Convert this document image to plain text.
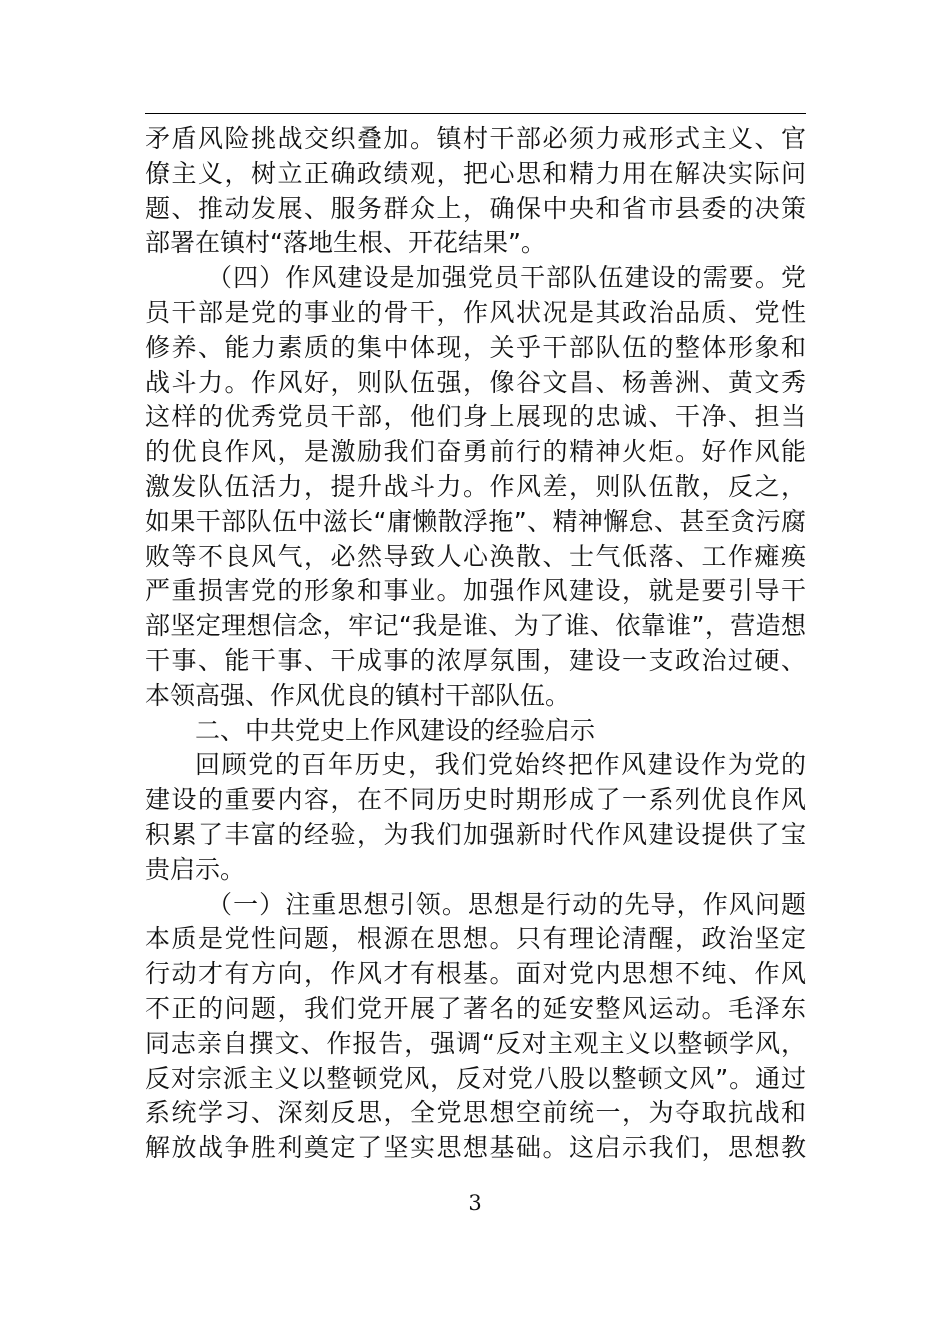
矛盾风险挑战交织叠加。镇村干部必须力戒形式主义、官
僚主义，树立正确政绩观，把心思和精力用在解决实际问
题、推动发展、服务群众上，确保中央和省市县委的决策
部署在镇村“落地生根、开花结果”。
（四）作风建设是加强党员干部队伍建设的需要。党
员干部是党的事业的骨干，作风状况是其政治品质、党性
修养、能力素质的集中体现，关乎干部队伍的整体形象和
战斗力。作风好，则队伍强，像谷文昌、杨善洲、黄文秀
这样的优秀党员干部，他们身上展现的忠诚、干净、担当
的优良作风，是激励我们奋勇前行的精神火炬。好作风能
激发队伍活力，提升战斗力。作风差，则队伍散，反之，
如果干部队伍中滋长“庸懒散浮拖”、精神懈怠、甚至贪污腐
败等不良风气，必然导致人心涣散、士气低落、工作瘫痪
严重损害党的形象和事业。加强作风建设，就是要引导干
部坚定理想信念，牢记“我是谁、为了谁、依靠谁”，营造想
干事、能干事、干成事的浓厚氛围，建设一支政治过硬、
本领高强、作风优良的镇村干部队伍。
二、中共党史上作风建设的经验启示
回顾党的百年历史，我们党始终把作风建设作为党的
建设的重要内容，在不同历史时期形成了一系列优良作风
积累了丰富的经验，为我们加强新时代作风建设提供了宝
贵启示。
（一）注重思想引领。思想是行动的先导，作风问题
本质是党性问题，根源在思想。只有理论清醒，政治坚定
行动才有方向，作风才有根基。面对党内思想不纯、作风
不正的问题，我们党开展了著名的延安整风运动。毛泽东
同志亲自撰文、作报告，强调“反对主观主义以整顿学风，
反对宗派主义以整顿党风，反对党八股以整顿文风”。通过
系统学习、深刻反思，全党思想空前统一，为夺取抗战和
解放战争胜利奠定了坚实思想基础。这启示我们，思想教
3
